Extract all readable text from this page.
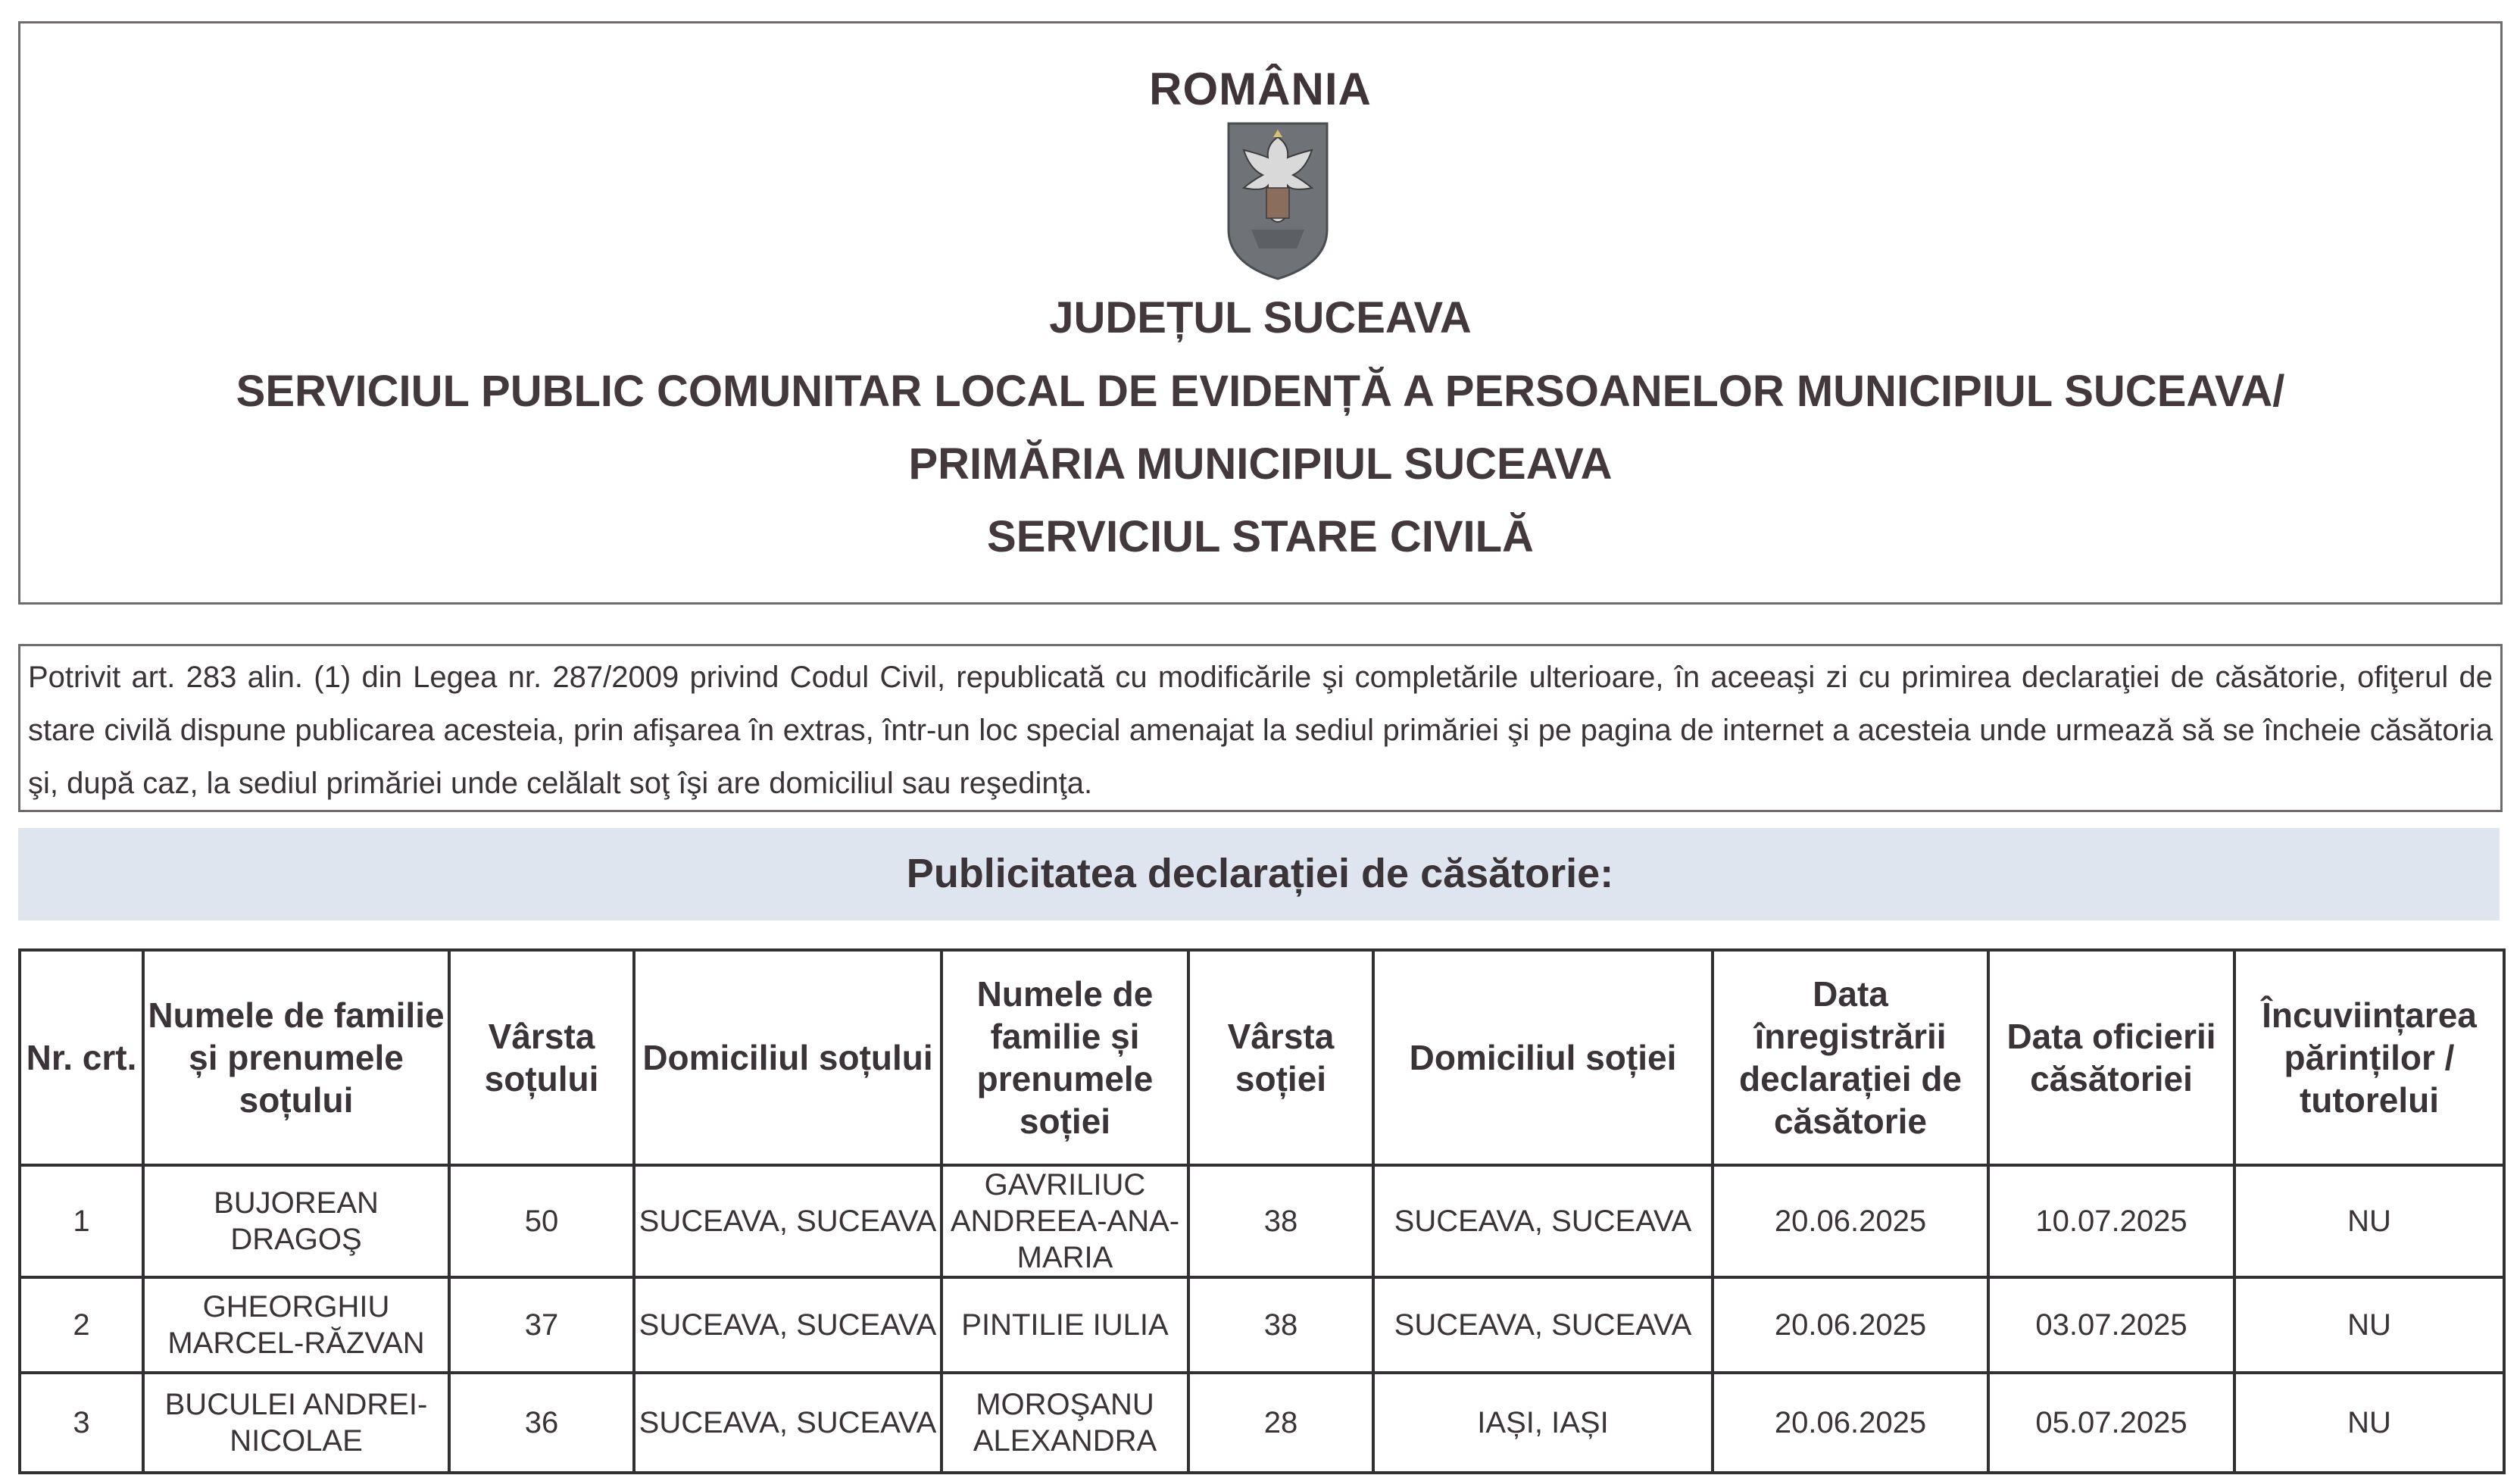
ROMÂNIA
JUDEȚUL SUCEAVA
SERVICIUL PUBLIC COMUNITAR LOCAL DE EVIDENȚĂ A PERSOANELOR MUNICIPIUL SUCEAVA/
PRIMĂRIA MUNICIPIUL SUCEAVA
SERVICIUL STARE CIVILĂ
Potrivit art. 283 alin. (1) din Legea nr. 287/2009 privind Codul Civil, republicată cu modificările şi completările ulterioare, în aceeaşi zi cu primirea declaraţiei de căsătorie, ofiţerul de stare civilă dispune publicarea acesteia, prin afişarea în extras, într-un loc special amenajat la sediul primăriei şi pe pagina de internet a acesteia unde urmează să se încheie căsătoria şi, după caz, la sediul primăriei unde celălalt soţ îşi are domiciliul sau reşedinţa.
Publicitatea declarației de căsătorie:
Nr. crt.	Numele de familie și prenumele soțului	Vârsta soțului	Domiciliul soțului	Numele de familie și prenumele soției	Vârsta soției	Domiciliul soției	Data înregistrării declarației de căsătorie	Data oficierii căsătoriei	Încuviințarea părinților / tutorelui
1	BUJOREAN DRAGOŞ	50	SUCEAVA, SUCEAVA	GAVRILIUC ANDREEA-ANA-MARIA	38	SUCEAVA, SUCEAVA	20.06.2025	10.07.2025	NU
2	GHEORGHIU MARCEL-RĂZVAN	37	SUCEAVA, SUCEAVA	PINTILIE IULIA	38	SUCEAVA, SUCEAVA	20.06.2025	03.07.2025	NU
3	BUCULEI ANDREI-NICOLAE	36	SUCEAVA, SUCEAVA	MOROŞANU ALEXANDRA	28	IAȘI, IAȘI	20.06.2025	05.07.2025	NU
